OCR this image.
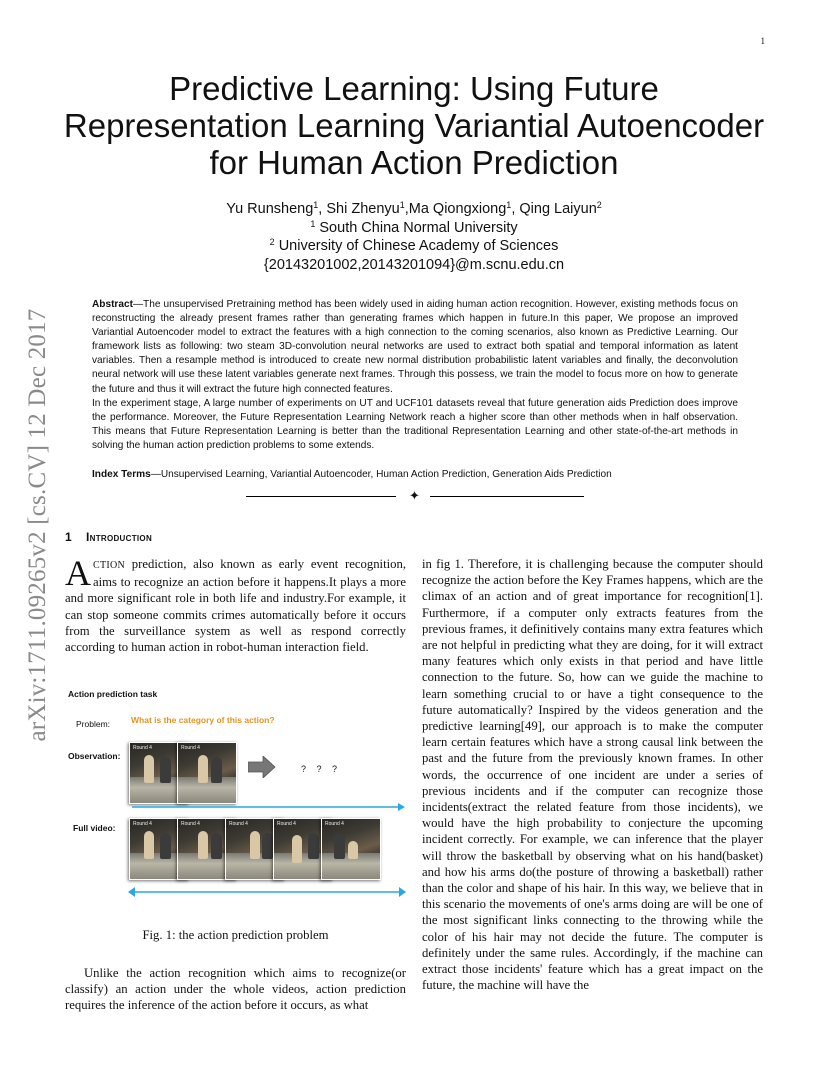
1
arXiv:1711.09265v2 [cs.CV] 12 Dec 2017
Predictive Learning: Using Future
Representation Learning Variantial Autoencoder
for Human Action Prediction
Yu Runsheng$^1$, Shi Zhenyu$^1$,Ma Qiongxiong$^1$, Qing Laiyun$^2$
$^1$ South China Normal University
$^2$ University of Chinese Academy of Sciences
{20143201002,20143201094}@m.scnu.edu.cn

Abstract—The unsupervised Pretraining method has been widely used in aiding human action recognition. However, existing methods focus on reconstructing the already present frames rather than generating frames which happen in future.In this paper, We propose an improved Variantial Autoencoder model to extract the features with a high connection to the coming scenarios, also known as Predictive Learning. Our framework lists as following: two steam 3D-convolution neural networks are used to extract both spatial and temporal information as latent variables. Then a resample method is introduced to create new normal distribution probabilistic latent variables and finally, the deconvolution neural network will use these latent variables generate next frames. Through this possess, we train the model to focus more on how to generate the future and thus it will extract the future high connected features.

In the experiment stage, A large number of experiments on UT and UCF101 datasets reveal that future generation aids Prediction does improve the performance. Moreover, the Future Representation Learning Network reach a higher score than other methods when in half observation. This means that Future Representation Learning is better than the traditional Representation Learning and other state-of-the-art methods in solving the human action prediction problems to some extends.

Index Terms—Unsupervised Learning, Variantial Autoencoder, Human Action Prediction, Generation Aids Prediction
✦
1 Introduction

ACTION prediction, also known as early event recognition, aims to recognize an action before it happens.It plays a more and more significant role in both life and industry.For example, it can stop someone commits crimes automatically before it occurs from the surveillance system as well as respond correctly according to human action in robot-human interaction field.

Action prediction task
Problem: What is the category of this action?
Observation:
Round 4	Round 4
? ? ?
Full video:	Round 4	Round 4	Round 4	Round 4	Round 4
Fig. 1: the action prediction problem

Unlike the action recognition which aims to recognize(or classify) an action under the whole videos, action prediction requires the inference of the action before it occurs, as what

in fig 1. Therefore, it is challenging because the computer should recognize the action before the Key Frames happens, which are the climax of an action and of great importance for recognition[1]. Furthermore, if a computer only extracts features from the previous frames, it definitively contains many extra features which are not helpful in predicting what they are doing, for it will extract many features which only exists in that period and have little connection to the future. So, how can we guide the machine to learn something crucial to or have a tight consequence to the future automatically? Inspired by the videos generation and the predictive learning[49], our approach is to make the computer learn certain features which have a strong causal link between the past and the future from the previously known frames. In other words, the occurrence of one incident are under a series of previous incidents and if the computer can recognize those incidents(extract the related feature from those incidents), we would have the high probability to conjecture the upcoming incident correctly. For example, we can inference that the player will throw the basketball by observing what on his hand(basket) and how his arms do(the posture of throwing a basketball) rather than the color and shape of his hair. In this way, we believe that in this scenario the movements of one's arms doing are will be one of the most significant links connecting to the throwing while the color of his hair may not decide the future. The computer is definitely under the same rules. Accordingly, if the machine can extract those incidents' feature which has a great impact on the future, the machine will have the
